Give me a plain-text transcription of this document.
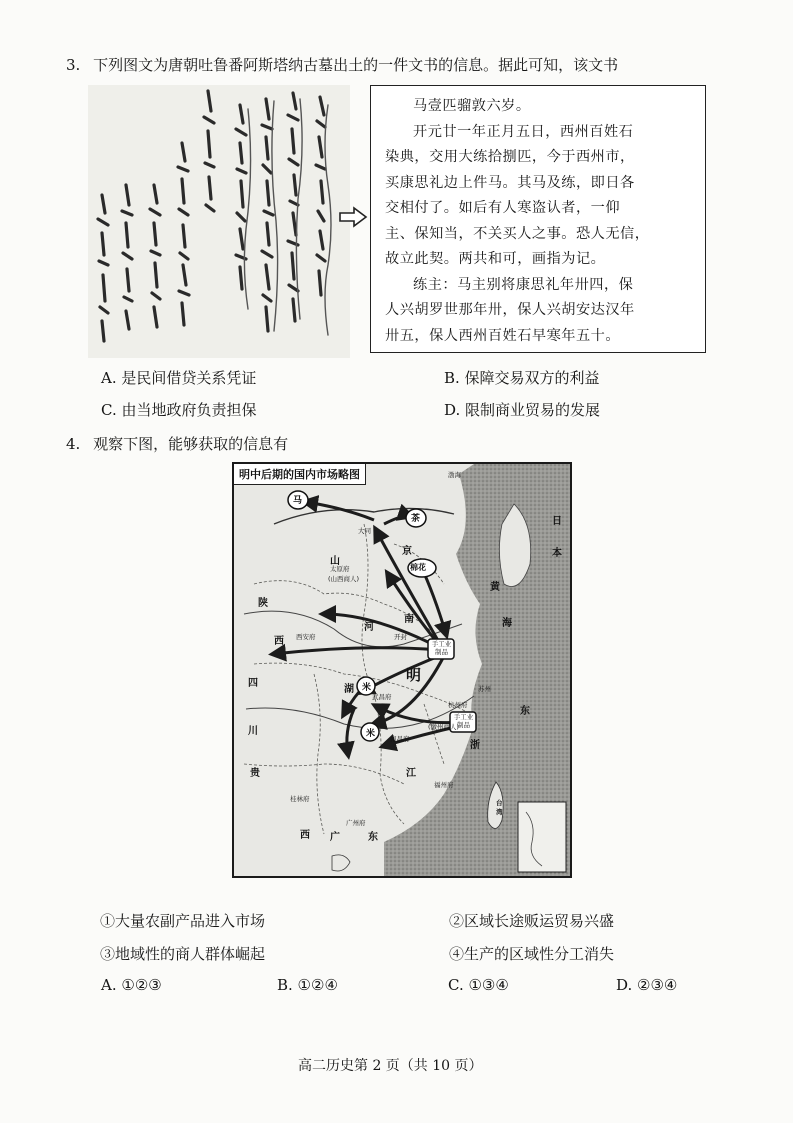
3. 下列图文为唐朝吐鲁番阿斯塔纳古墓出土的一件文书的信息。据此可知，该文书
马壹匹骝敦六岁。
开元廿一年正月五日，西州百姓石
染典，交用大练拾捌匹，今于西州市，
买康思礼边上件马。其马及练，即日各
交相付了。如后有人寒盗认者，一仰
主、保知当，不关买人之事。恐人无信，
故立此契。两共和可，画指为记。
练主：马主别将康思礼年卅四，保
人兴胡罗世那年卅，保人兴胡安达汉年
卅五，保人西州百姓石早寒年五十。
A. 是民间借贷关系凭证	B. 保障交易双方的利益
C. 由当地政府负责担保	D. 限制商业贸易的发展
4. 观察下图，能够获取的信息有
明中后期的国内市场略图
马
茶
棉花
米
米
手工业制品
手工业制品
明
大同
太原府
(山西商人)
开封
西安府
武昌府
南昌府
(徽州商人)
广州府
桂林府
苏州
杭州府
福州府
陕
西
四
川
贵
浙
江
湖
广	东
西
南
山
河
京
渤海
黄
海
日
本
东
台
湾
①大量农副产品进入市场	②区域长途贩运贸易兴盛
③地域性的商人群体崛起	④生产的区域性分工消失
A. ①②③	B. ①②④	C. ①③④	D. ②③④
高二历史第 2 页（共 10 页）
